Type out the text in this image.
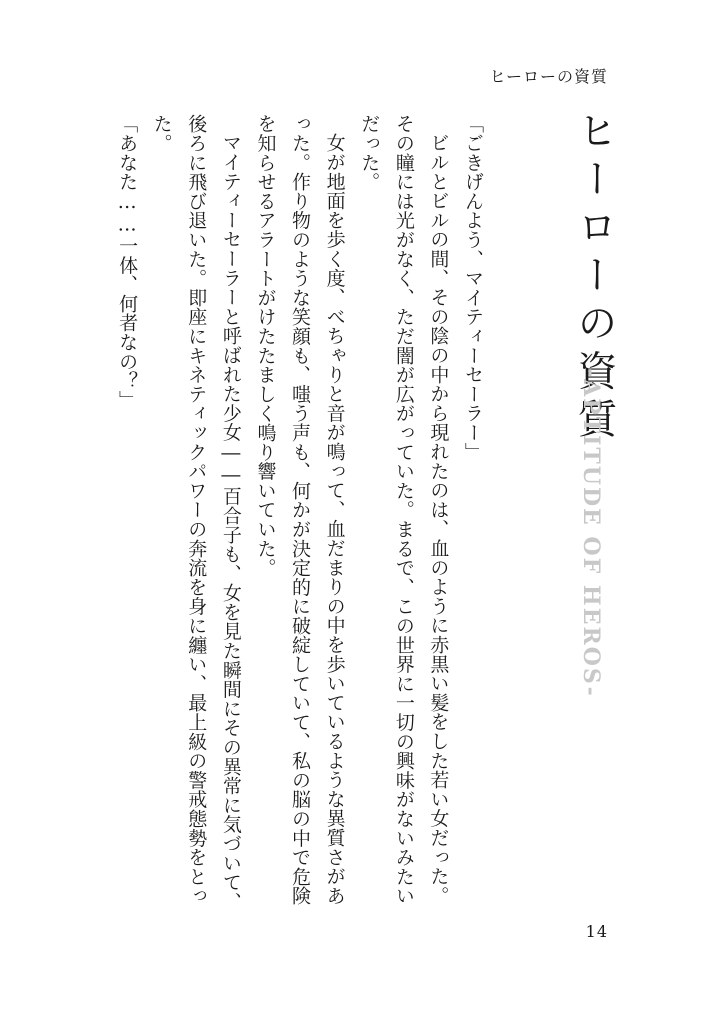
ヒーローの資質
ヒーローの資質
-APTITUDE OF HEROS-

「ごきげんよう、マイティーセーラー」

ビルとビルの間、その陰の中から現れたのは、血のように赤黒い髪をした若い女だった。その瞳には光がなく、ただ闇が広がっていた。まるで、この世界に一切の興味がないみたいだった。

女が地面を歩く度、べちゃりと音が鳴って、血だまりの中を歩いているような異質さがあった。作り物のような笑顔も、嗤う声も、何かが決定的に破綻していて、私の脳の中で危険を知らせるアラートがけたたましく鳴り響いていた。

マイティーセーラーと呼ばれた少女――百合子も、女を見た瞬間にその異常に気づいて、後ろに飛び退いた。即座にキネティックパワーの奔流を身に纏い、最上級の警戒態勢をとった。

「あなた……一体、何者なの？」

14
